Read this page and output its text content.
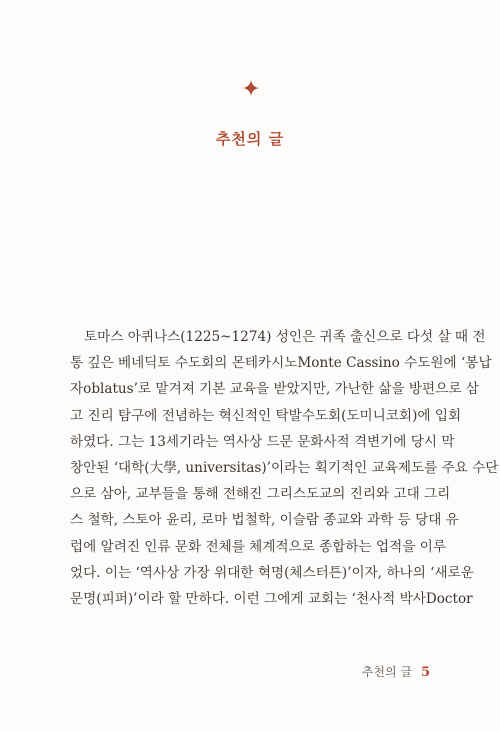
추천의 글

토마스 아퀴나스(1225~1274) 성인은 귀족 출신으로 다섯 살 때 전
통 깊은 베네딕토 수도회의 몬테카시노Monte Cassino 수도원에 ‘봉납
자oblatus’로 맡겨져 기본 교육을 받았지만, 가난한 삶을 방편으로 삼
고 진리 탐구에 전념하는 혁신적인 탁발수도회(도미니코회)에 입회
하였다. 그는 13세기라는 역사상 드문 문화사적 격변기에 당시 막
창안된 ‘대학(大學, universitas)’이라는 획기적인 교육제도를 주요 수단
으로 삼아, 교부들을 통해 전해진 그리스도교의 진리와 고대 그리
스 철학, 스토아 윤리, 로마 법철학, 이슬람 종교와 과학 등 당대 유
럽에 알려진 인류 문화 전체를 체계적으로 종합하는 업적을 이루
었다. 이는 ‘역사상 가장 위대한 혁명(체스터튼)’이자, 하나의 ‘새로운
문명(피퍼)’이라 할 만하다. 이런 그에게 교회는 ‘천사적 박사Doctor

추천의 글 5
